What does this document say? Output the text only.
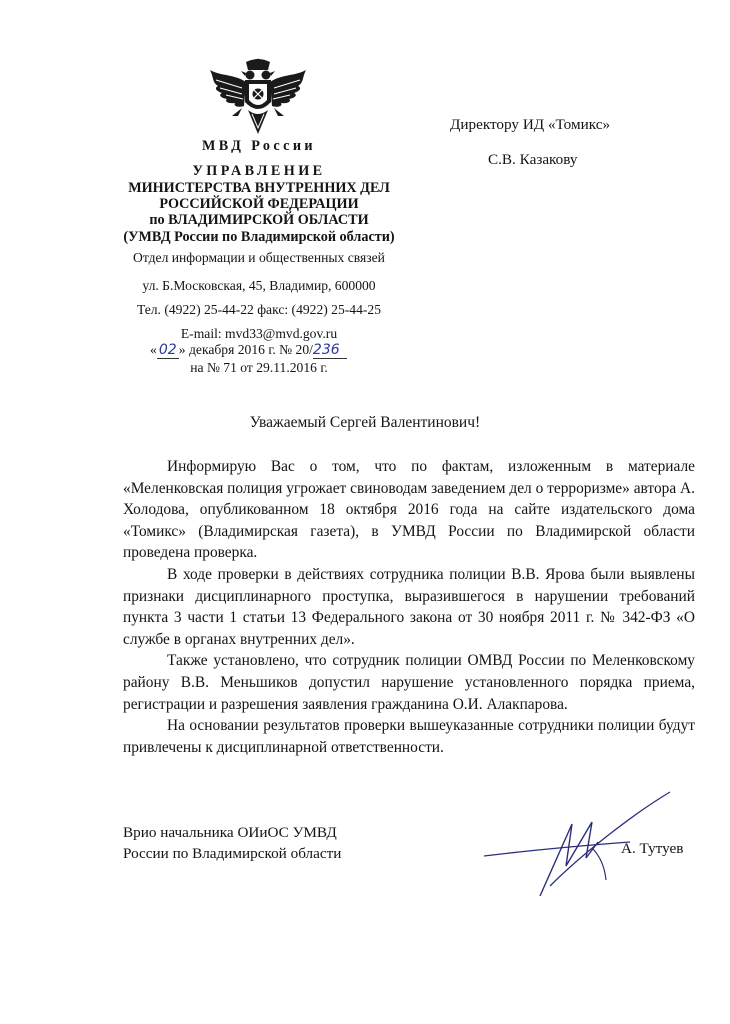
МВД России
УПРАВЛЕНИЕ
МИНИСТЕРСТВА ВНУТРЕННИХ ДЕЛ
РОССИЙСКОЙ ФЕДЕРАЦИИ
по ВЛАДИМИРСКОЙ ОБЛАСТИ
(УМВД России по Владимирской области)
Отдел информации и общественных связей
ул. Б.Московская, 45, Владимир, 600000
Тел. (4922) 25-44-22 факс: (4922) 25-44-25
E-mail: mvd33@mvd.gov.ru
« 02 » декабря 2016 г. № 20/236
на № 71 от 29.11.2016 г.
Директору ИД «Томикс»
С.В. Казакову
Уважаемый Сергей Валентинович!

Информирую Вас о том, что по фактам, изложенным в материале «Меленковская полиция угрожает свиноводам заведением дел о терроризме» автора А. Холодова, опубликованном 18 октября 2016 года на сайте издательского дома «Томикс» (Владимирская газета), в УМВД России по Владимирской области проведена проверка.

В ходе проверки в действиях сотрудника полиции В.В. Ярова были выявлены признаки дисциплинарного проступка, выразившегося в нарушении требований пункта 3 части 1 статьи 13 Федерального закона от 30 ноября 2011 г. № 342-ФЗ «О службе в органах внутренних дел».

Также установлено, что сотрудник полиции ОМВД России по Меленковскому району В.В. Меньшиков допустил нарушение установленного порядка приема, регистрации и разрешения заявления гражданина О.И. Алакпарова.

На основании результатов проверки вышеуказанные сотрудники полиции будут привлечены к дисциплинарной ответственности.

Врио начальника ОИиОС УМВД
России по Владимирской области	А. Тутуев
